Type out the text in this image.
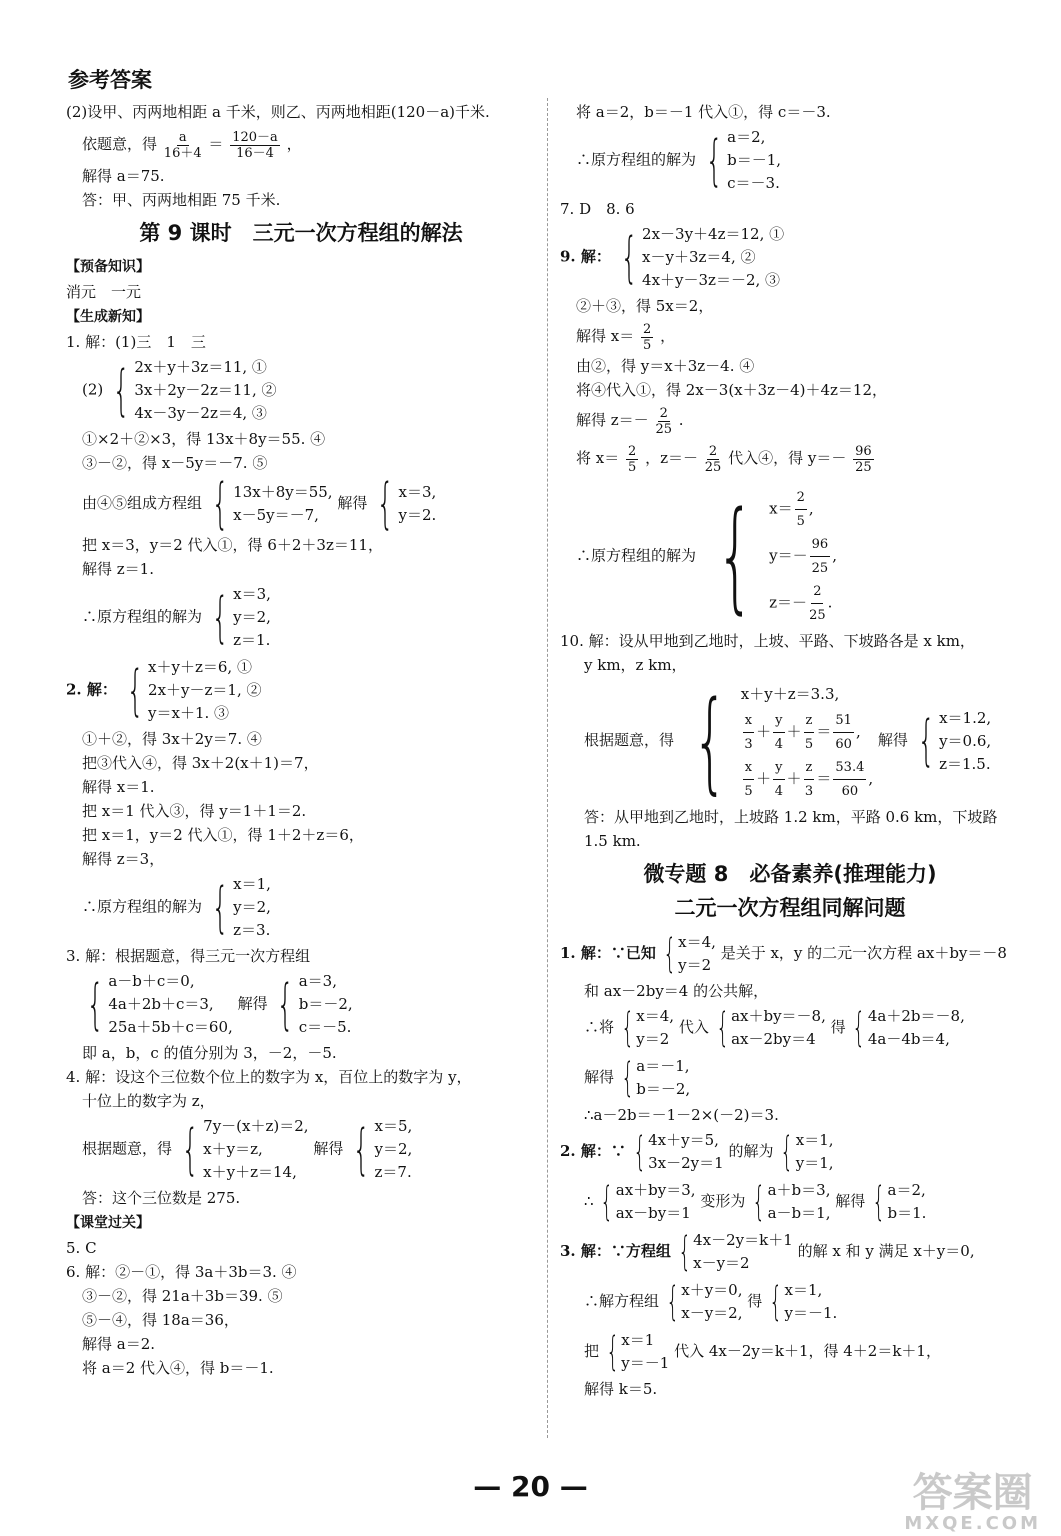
参考答案
(2)设甲、丙两地相距 a 千米，则乙、丙两地相距(120－a)千米.
依题意，得 $\frac{a}{16+4} = \frac{120-a}{16-4}$ ，
解得 a＝75.
答：甲、丙两地相距 75 千米.
第 9 课时　三元一次方程组的解法
【预备知识】
消元　一元
【生成新知】
1. 解：(1)三　1　三
(2) { 2x＋y＋3z＝11, ①
3x＋2y－2z＝11, ②
4x－3y－2z＝4, ③
①×2＋②×3，得 13x＋8y＝55. ④
③－②，得 x－5y＝－7. ⑤
由④⑤组成方程组 { 13x＋8y＝55,
x－5y＝－7,
解得 { x＝3,
y＝2.
把 x＝3，y＝2 代入①，得 6＋2＋3z＝11，
解得 z＝1.
∴原方程组的解为 { x＝3,
y＝2,
z＝1.
2. 解： { x＋y＋z＝6, ①
2x＋y－z＝1, ②
y＝x＋1. ③
①＋②，得 3x＋2y＝7. ④
把③代入④，得 3x＋2(x＋1)＝7，
解得 x＝1.
把 x＝1 代入③，得 y＝1＋1＝2.
把 x＝1，y＝2 代入①，得 1＋2＋z＝6，
解得 z＝3，
∴原方程组的解为 { x＝1,
y＝2,
z＝3.
3. 解：根据题意，得三元一次方程组
{ a－b＋c＝0,
4a＋2b＋c＝3,
25a＋5b＋c＝60,
解得 { a＝3,
b＝－2,
c＝－5.
即 a，b，c 的值分别为 3，－2，－5.
4. 解：设这个三位数个位上的数字为 x，百位上的数字为 y，
十位上的数字为 z，
根据题意，得 { 7y－(x＋z)＝2,
x＋y＝z,
x＋y＋z＝14,
解得 { x＝5,
y＝2,
z＝7.
答：这个三位数是 275.
【课堂过关】
5. C
6. 解：②－①，得 3a＋3b＝3. ④
③－②，得 21a＋3b＝39. ⑤
⑤－④，得 18a＝36，
解得 a＝2.
将 a＝2 代入④，得 b＝－1.
将 a＝2，b＝－1 代入①，得 c＝－3.
∴原方程组的解为 { a＝2,
b＝－1,
c＝－3.
7. D　8. 6
9. 解： { 2x－3y＋4z＝12, ①
x－y＋3z＝4, ②
4x＋y－3z＝－2, ③
②＋③，得 5x＝2，
解得 $x= \frac{2}{5}$ ，
由②，得 y＝x＋3z－4. ④
将④代入①，得 2x－3(x＋3z－4)＋4z＝12，
解得 $z=- \frac{2}{25}$ .
将 $x= \frac{2}{5}$ ，$z=- \frac{2}{25}$ 代入④，得 $y=- \frac{96}{25}$
∴原方程组的解为 { $x= \frac{2}{5}$ ,
$y=- \frac{96}{25}$ ,
$z=- \frac{2}{25}$ .
10. 解：设从甲地到乙地时，上坡、平路、下坡路各是 x km，
y km，z km，
根据题意，得 { x＋y＋z＝3.3,
$\frac{x}{3} + \frac{y}{4} + \frac{z}{5} = \frac{51}{60}$ ,
$\frac{x}{5} + \frac{y}{4} + \frac{z}{3} = \frac{53.4}{60}$ ,
解得 { x＝1.2,
y＝0.6,
z＝1.5.
答：从甲地到乙地时，上坡路 1.2 km，平路 0.6 km，下坡路
1.5 km.
微专题 8　必备素养(推理能力)
二元一次方程组同解问题
1. 解：∵已知 { x＝4,
y＝2
是关于 x，y 的二元一次方程 ax＋by＝－8
和 ax－2by＝4 的公共解，
∴将 { x＝4,
y＝2
代入 { ax＋by＝－8,
ax－2by＝4
得 { 4a＋2b＝－8,
4a－4b＝4,
解得 { a＝－1,
b＝－2,
∴a－2b＝－1－2×(－2)＝3.
2. 解：∵ { 4x＋y＝5,
3x－2y＝1
的解为 { x＝1,
y＝1,
∴ { ax＋by＝3,
ax－by＝1
变形为 { a＋b＝3,
a－b＝1,
解得 { a＝2,
b＝1.
3. 解：∵方程组 { 4x－2y＝k＋1
x－y＝2
的解 x 和 y 满足 x＋y＝0,
∴解方程组 { x＋y＝0,
x－y＝2,
得 { x＝1,
y＝－1.
把 { x＝1
y＝－1
代入 4x－2y＝k＋1，得 4＋2＝k＋1，
解得 k＝5.
— 20 —	答案圈
MXQE.COM
